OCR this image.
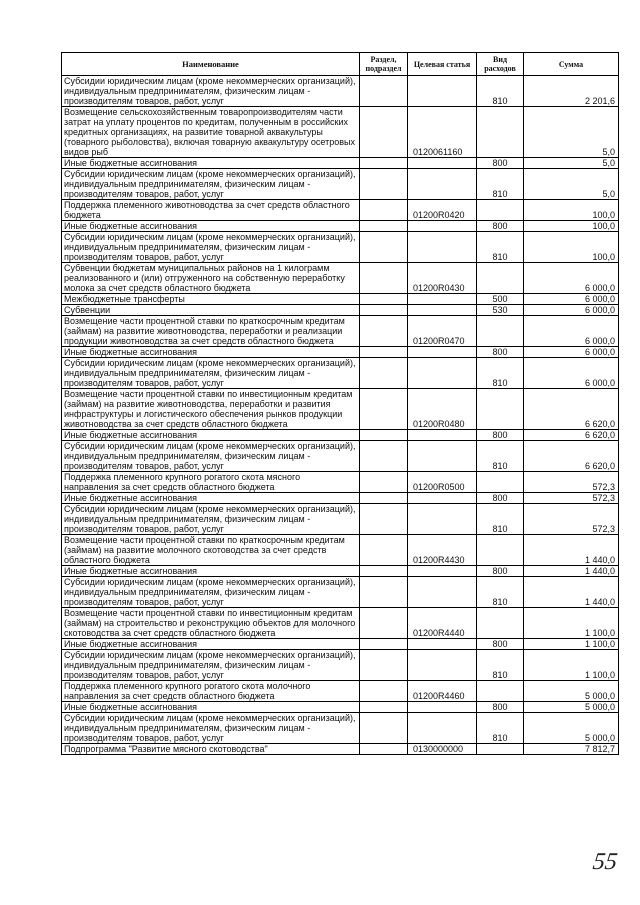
Наименование	Раздел, подраздел	Целевая статья	Вид расходов	Сумма
Субсидии юридическим лицам (кроме некоммерческих организаций), индивидуальным предпринимателям, физическим лицам - производителям товаров, работ, услуг			810	2 201,6
Возмещение сельскохозяйственным товаропроизводителям части затрат на уплату процентов по кредитам, полученным в российских кредитных организациях, на развитие товарной аквакультуры (товарного рыболовства), включая товарную аквакультуру осетровых видов рыб		0120061160		5,0
Иные бюджетные ассигнования			800	5,0
Субсидии юридическим лицам (кроме некоммерческих организаций), индивидуальным предпринимателям, физическим лицам - производителям товаров, работ, услуг			810	5,0
Поддержка племенного животноводства за счет средств областного бюджета		01200R0420		100,0
Иные бюджетные ассигнования			800	100,0
Субсидии юридическим лицам (кроме некоммерческих организаций), индивидуальным предпринимателям, физическим лицам - производителям товаров, работ, услуг			810	100,0
Субвенции бюджетам муниципальных районов на 1 килограмм реализованного и (или) отгруженного на собственную переработку молока за счет средств областного бюджета		01200R0430		6 000,0
Межбюджетные трансферты			500	6 000,0
Субвенции			530	6 000,0
Возмещение части процентной ставки по краткосрочным кредитам (займам) на развитие животноводства, переработки и реализации продукции животноводства за счет средств областного бюджета		01200R0470		6 000,0
Иные бюджетные ассигнования			800	6 000,0
Субсидии юридическим лицам (кроме некоммерческих организаций), индивидуальным предпринимателям, физическим лицам - производителям товаров, работ, услуг			810	6 000,0
Возмещение части процентной ставки по инвестиционным кредитам (займам) на развитие животноводства, переработки и развития инфраструктуры и логистического обеспечения рынков продукции животноводства за счет средств областного бюджета		01200R0480		6 620,0
Иные бюджетные ассигнования			800	6 620,0
Субсидии юридическим лицам (кроме некоммерческих организаций), индивидуальным предпринимателям, физическим лицам - производителям товаров, работ, услуг			810	6 620,0
Поддержка племенного крупного рогатого скота мясного направления за счет средств областного бюджета		01200R0500		572,3
Иные бюджетные ассигнования			800	572,3
Субсидии юридическим лицам (кроме некоммерческих организаций), индивидуальным предпринимателям, физическим лицам - производителям товаров, работ, услуг			810	572,3
Возмещение части процентной ставки по краткосрочным кредитам (займам) на развитие молочного скотоводства за счет средств областного бюджета		01200R4430		1 440,0
Иные бюджетные ассигнования			800	1 440,0
Субсидии юридическим лицам (кроме некоммерческих организаций), индивидуальным предпринимателям, физическим лицам - производителям товаров, работ, услуг			810	1 440,0
Возмещение части процентной ставки по инвестиционным кредитам (займам) на строительство и реконструкцию объектов для молочного скотоводства за счет средств областного бюджета		01200R4440		1 100,0
Иные бюджетные ассигнования			800	1 100,0
Субсидии юридическим лицам (кроме некоммерческих организаций), индивидуальным предпринимателям, физическим лицам - производителям товаров, работ, услуг			810	1 100,0
Поддержка племенного крупного рогатого скота молочного направления за счет средств областного бюджета		01200R4460		5 000,0
Иные бюджетные ассигнования			800	5 000,0
Субсидии юридическим лицам (кроме некоммерческих организаций), индивидуальным предпринимателям, физическим лицам - производителям товаров, работ, услуг			810	5 000,0
Подпрограмма "Развитие мясного скотоводства"		0130000000		7 812,7
55
